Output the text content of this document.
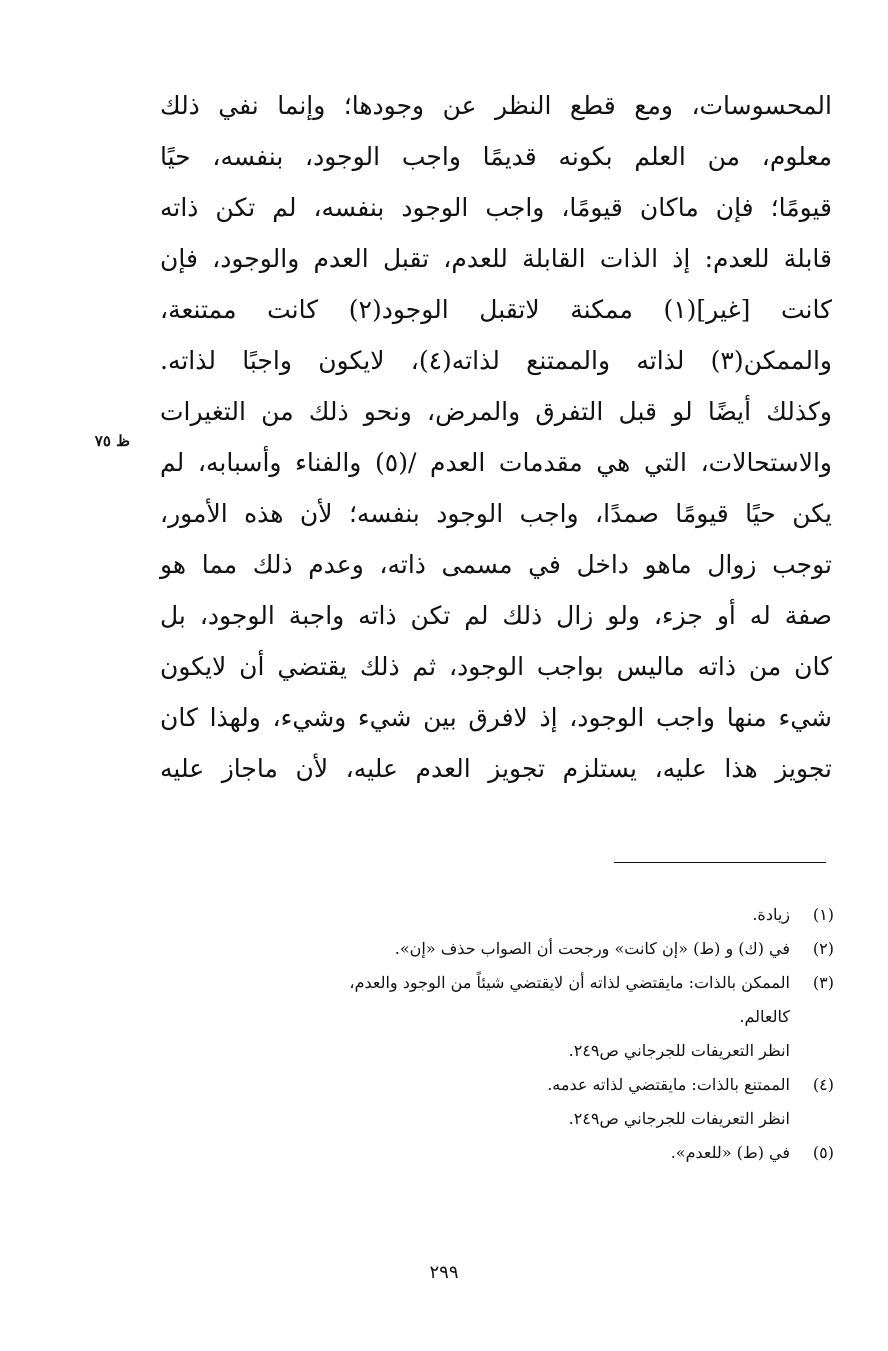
المحسوسات، ومع قطع النظر عن وجودها؛ وإنما نفي ذلك
معلوم، من العلم بكونه قديمًا واجب الوجود، بنفسه، حيًا
قيومًا؛ فإن ماكان قيومًا، واجب الوجود بنفسه، لم تكن ذاته
قابلة للعدم: إذ الذات القابلة للعدم، تقبل العدم والوجود، فإن
كانت [غير](١) ممكنة لاتقبل الوجود(٢) كانت ممتنعة،
والممكن(٣) لذاته والممتنع لذاته(٤)، لايكون واجبًا لذاته.
وكذلك أيضًا لو قبل التفرق والمرض، ونحو ذلك من التغيرات
والاستحالات، التي هي مقدمات العدم /(٥) والفناء وأسبابه، لم
يكن حيًا قيومًا صمدًا، واجب الوجود بنفسه؛ لأن هذه الأمور،
توجب زوال ماهو داخل في مسمى ذاته، وعدم ذلك مما هو
صفة له أو جزء، ولو زال ذلك لم تكن ذاته واجبة الوجود، بل
كان من ذاته ماليس بواجب الوجود، ثم ذلك يقتضي أن لايكون
شيء منها واجب الوجود، إذ لافرق بين شيء وشيء، ولهذا كان
تجويز هذا عليه، يستلزم تجويز العدم عليه، لأن ماجاز عليه
ظ ٧٥
(١)
زيادة.
(٢)
في (ك) و (ط) «إن كانت» ورجحت أن الصواب حذف «إن».
(٣)
الممكن بالذات: مايقتضي لذاته أن لايقتضي شيئاً من الوجود والعدم،
كالعالم.
انظر التعريفات للجرجاني ص٢٤٩.
(٤)
الممتنع بالذات: مايقتضي لذاته عدمه.
انظر التعريفات للجرجاني ص٢٤٩.
(٥)
في (ط) «للعدم».
٢٩٩
